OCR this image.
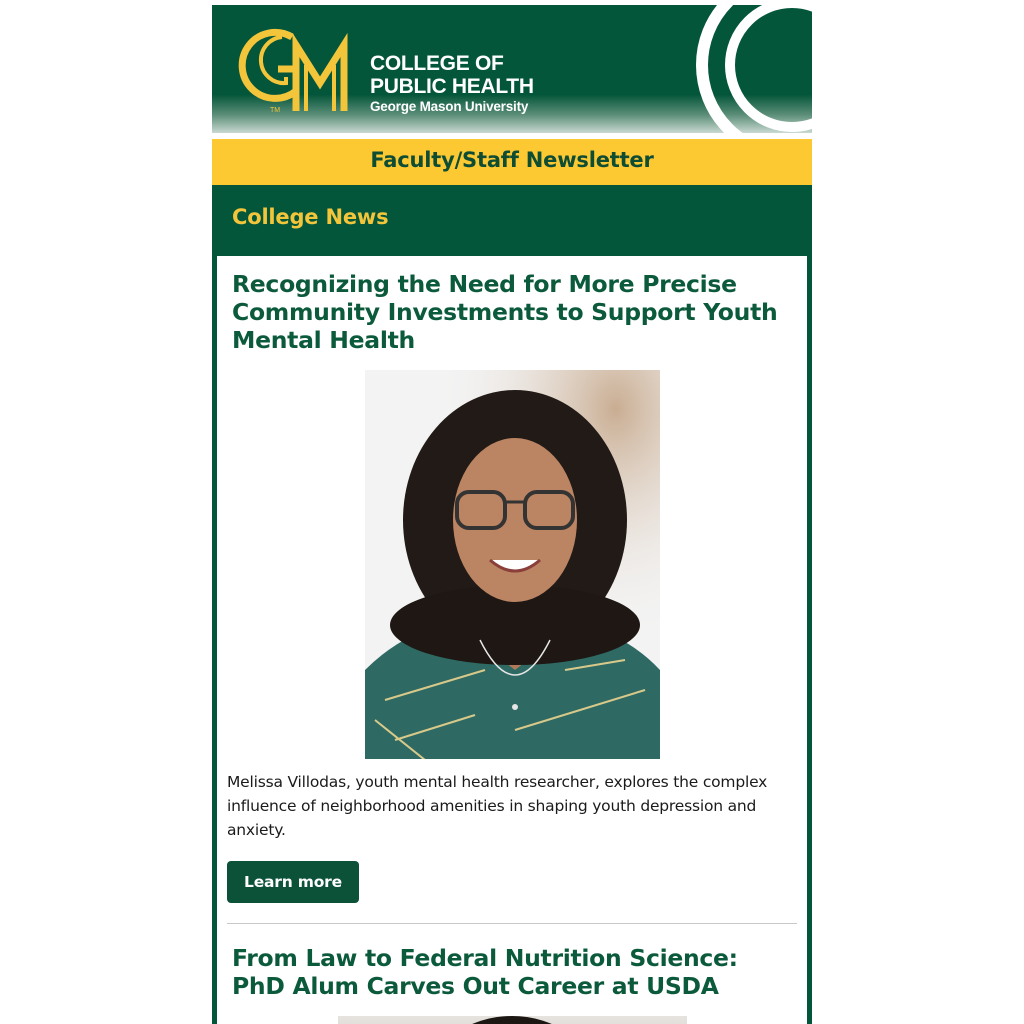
TM
COLLEGE OF
PUBLIC HEALTH
George Mason University
Faculty/Staff Newsletter
College News
Recognizing the Need for More Precise Community Investments to Support Youth Mental Health
Melissa Villodas, youth mental health researcher, explores the complex influence of neighborhood amenities in shaping youth depression and anxiety.
Learn more
From Law to Federal Nutrition Science: PhD Alum Carves Out Career at USDA
